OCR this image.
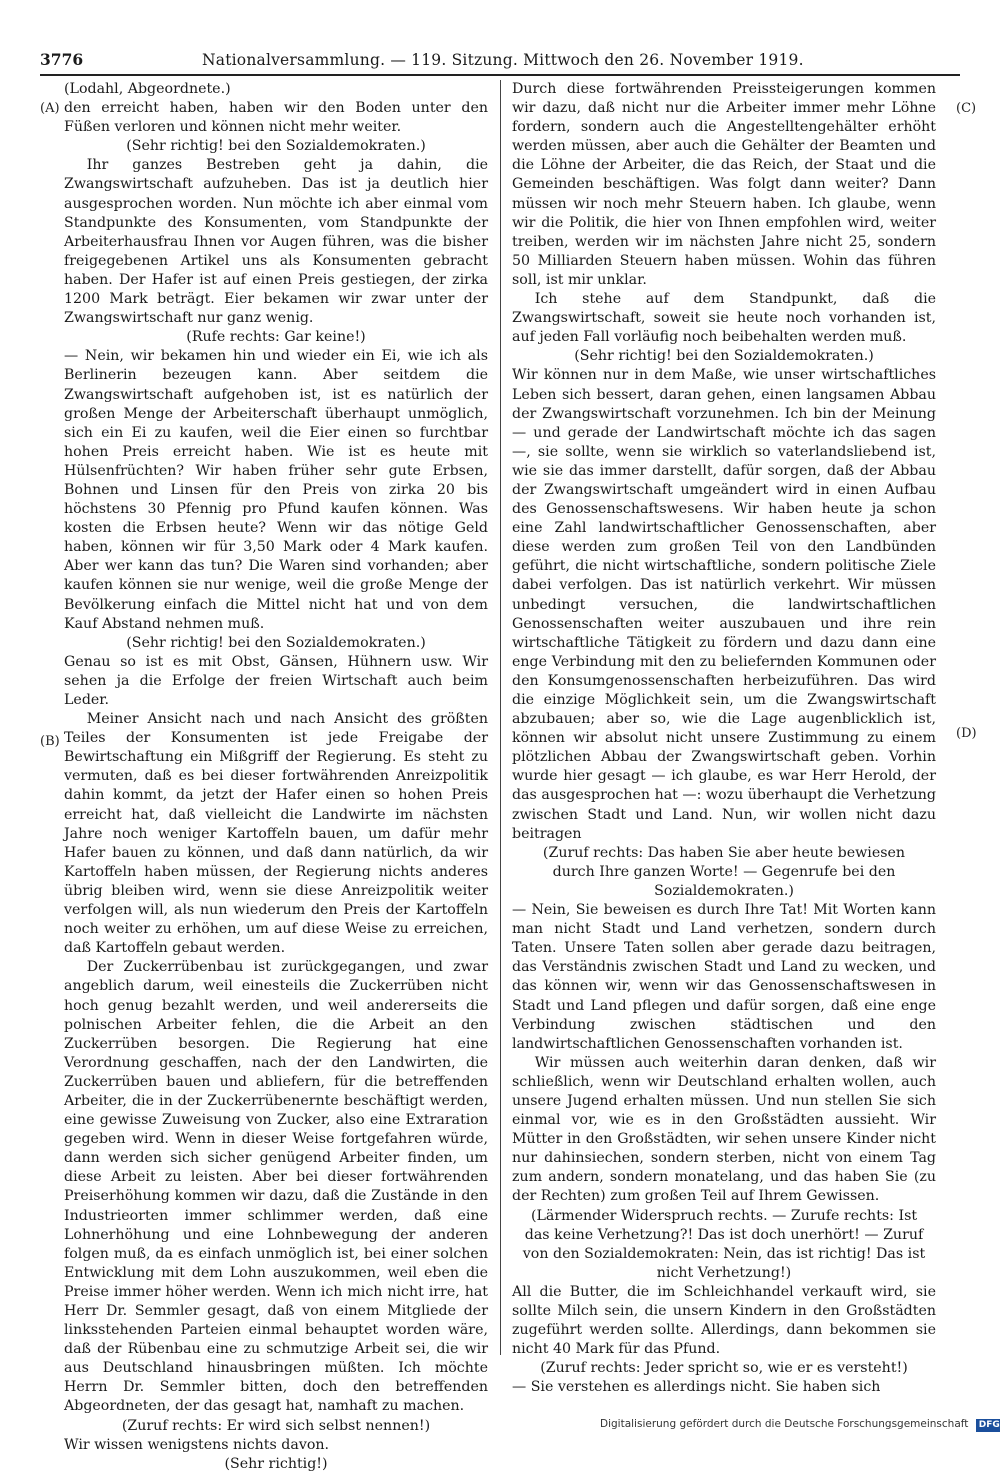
3776	Nationalversammlung. — 119. Sitzung. Mittwoch den 26. November 1919.
(A)
(B)
(C)
(D)

(Lodahl, Abgeordnete.)

den erreicht haben, haben wir den Boden unter den Füßen verloren und können nicht mehr weiter.

(Sehr richtig! bei den Sozialdemokraten.)

Ihr ganzes Bestreben geht ja dahin, die Zwangswirtschaft aufzuheben. Das ist ja deutlich hier ausgesprochen worden. Nun möchte ich aber einmal vom Standpunkte des Konsumenten, vom Standpunkte der Arbeiterhausfrau Ihnen vor Augen führen, was die bisher freigegebenen Artikel uns als Konsumenten gebracht haben. Der Hafer ist auf einen Preis gestiegen, der zirka 1200 Mark beträgt. Eier bekamen wir zwar unter der Zwangswirtschaft nur ganz wenig.

(Rufe rechts: Gar keine!)

— Nein, wir bekamen hin und wieder ein Ei, wie ich als Berlinerin bezeugen kann. Aber seitdem die Zwangswirtschaft aufgehoben ist, ist es natürlich der großen Menge der Arbeiterschaft überhaupt unmöglich, sich ein Ei zu kaufen, weil die Eier einen so furchtbar hohen Preis erreicht haben. Wie ist es heute mit Hülsenfrüchten? Wir haben früher sehr gute Erbsen, Bohnen und Linsen für den Preis von zirka 20 bis höchstens 30 Pfennig pro Pfund kaufen können. Was kosten die Erbsen heute? Wenn wir das nötige Geld haben, können wir für 3,50 Mark oder 4 Mark kaufen. Aber wer kann das tun? Die Waren sind vorhanden; aber kaufen können sie nur wenige, weil die große Menge der Bevölkerung einfach die Mittel nicht hat und von dem Kauf Abstand nehmen muß.

(Sehr richtig! bei den Sozialdemokraten.)

Genau so ist es mit Obst, Gänsen, Hühnern usw. Wir sehen ja die Erfolge der freien Wirtschaft auch beim Leder.

Meiner Ansicht nach und nach Ansicht des größten Teiles der Konsumenten ist jede Freigabe der Bewirtschaftung ein Mißgriff der Regierung. Es steht zu vermuten, daß es bei dieser fortwährenden Anreizpolitik dahin kommt, da jetzt der Hafer einen so hohen Preis erreicht hat, daß vielleicht die Landwirte im nächsten Jahre noch weniger Kartoffeln bauen, um dafür mehr Hafer bauen zu können, und daß dann natürlich, da wir Kartoffeln haben müssen, der Regierung nichts anderes übrig bleiben wird, wenn sie diese Anreizpolitik weiter verfolgen will, als nun wiederum den Preis der Kartoffeln noch weiter zu erhöhen, um auf diese Weise zu erreichen, daß Kartoffeln gebaut werden.

Der Zuckerrübenbau ist zurückgegangen, und zwar angeblich darum, weil einesteils die Zuckerrüben nicht hoch genug bezahlt werden, und weil andererseits die polnischen Arbeiter fehlen, die die Arbeit an den Zuckerrüben besorgen. Die Regierung hat eine Verordnung geschaffen, nach der den Landwirten, die Zuckerrüben bauen und abliefern, für die betreffenden Arbeiter, die in der Zuckerrübenernte beschäftigt werden, eine gewisse Zuweisung von Zucker, also eine Extraration gegeben wird. Wenn in dieser Weise fortgefahren würde, dann werden sich sicher genügend Arbeiter finden, um diese Arbeit zu leisten. Aber bei dieser fortwährenden Preiserhöhung kommen wir dazu, daß die Zustände in den Industrieorten immer schlimmer werden, daß eine Lohnerhöhung und eine Lohnbewegung der anderen folgen muß, da es einfach unmöglich ist, bei einer solchen Entwicklung mit dem Lohn auszukommen, weil eben die Preise immer höher werden. Wenn ich mich nicht irre, hat Herr Dr. Semmler gesagt, daß von einem Mitgliede der linksstehenden Parteien einmal behauptet worden wäre, daß der Rübenbau eine zu schmutzige Arbeit sei, die wir aus Deutschland hinausbringen müßten. Ich möchte Herrn Dr. Semmler bitten, doch den betreffenden Abgeordneten, der das gesagt hat, namhaft zu machen.

(Zuruf rechts: Er wird sich selbst nennen!)

Wir wissen wenigstens nichts davon.

(Sehr richtig!)

Durch diese fortwährenden Preissteigerungen kommen wir dazu, daß nicht nur die Arbeiter immer mehr Löhne fordern, sondern auch die Angestelltengehälter erhöht werden müssen, aber auch die Gehälter der Beamten und die Löhne der Arbeiter, die das Reich, der Staat und die Gemeinden beschäftigen. Was folgt dann weiter? Dann müssen wir noch mehr Steuern haben. Ich glaube, wenn wir die Politik, die hier von Ihnen empfohlen wird, weiter treiben, werden wir im nächsten Jahre nicht 25, sondern 50 Milliarden Steuern haben müssen. Wohin das führen soll, ist mir unklar.

Ich stehe auf dem Standpunkt, daß die Zwangswirtschaft, soweit sie heute noch vorhanden ist, auf jeden Fall vorläufig noch beibehalten werden muß.

(Sehr richtig! bei den Sozialdemokraten.)

Wir können nur in dem Maße, wie unser wirtschaftliches Leben sich bessert, daran gehen, einen langsamen Abbau der Zwangswirtschaft vorzunehmen. Ich bin der Meinung — und gerade der Landwirtschaft möchte ich das sagen —, sie sollte, wenn sie wirklich so vaterlandsliebend ist, wie sie das immer darstellt, dafür sorgen, daß der Abbau der Zwangswirtschaft umgeändert wird in einen Aufbau des Genossenschaftswesens. Wir haben heute ja schon eine Zahl landwirtschaftlicher Genossenschaften, aber diese werden zum großen Teil von den Landbünden geführt, die nicht wirtschaftliche, sondern politische Ziele dabei verfolgen. Das ist natürlich verkehrt. Wir müssen unbedingt versuchen, die landwirtschaftlichen Genossenschaften weiter auszubauen und ihre rein wirtschaftliche Tätigkeit zu fördern und dazu dann eine enge Verbindung mit den zu beliefernden Kommunen oder den Konsumgenossenschaften herbeizuführen. Das wird die einzige Möglichkeit sein, um die Zwangswirtschaft abzubauen; aber so, wie die Lage augenblicklich ist, können wir absolut nicht unsere Zustimmung zu einem plötzlichen Abbau der Zwangswirtschaft geben. Vorhin wurde hier gesagt — ich glaube, es war Herr Herold, der das ausgesprochen hat —: wozu überhaupt die Verhetzung zwischen Stadt und Land. Nun, wir wollen nicht dazu beitragen

(Zuruf rechts: Das haben Sie aber heute bewiesen durch Ihre ganzen Worte! — Gegenrufe bei den Sozialdemokraten.)

— Nein, Sie beweisen es durch Ihre Tat! Mit Worten kann man nicht Stadt und Land verhetzen, sondern durch Taten. Unsere Taten sollen aber gerade dazu beitragen, das Verständnis zwischen Stadt und Land zu wecken, und das können wir, wenn wir das Genossenschaftswesen in Stadt und Land pflegen und dafür sorgen, daß eine enge Verbindung zwischen städtischen und den landwirtschaftlichen Genossenschaften vorhanden ist.

Wir müssen auch weiterhin daran denken, daß wir schließlich, wenn wir Deutschland erhalten wollen, auch unsere Jugend erhalten müssen. Und nun stellen Sie sich einmal vor, wie es in den Großstädten aussieht. Wir Mütter in den Großstädten, wir sehen unsere Kinder nicht nur dahinsiechen, sondern sterben, nicht von einem Tag zum andern, sondern monatelang, und das haben Sie (zu der Rechten) zum großen Teil auf Ihrem Gewissen.

(Lärmender Widerspruch rechts. — Zurufe rechts: Ist das keine Verhetzung?! Das ist doch unerhört! — Zuruf von den Sozialdemokraten: Nein, das ist richtig! Das ist nicht Verhetzung!)

All die Butter, die im Schleichhandel verkauft wird, sie sollte Milch sein, die unsern Kindern in den Großstädten zugeführt werden sollte. Allerdings, dann bekommen sie nicht 40 Mark für das Pfund.

(Zuruf rechts: Jeder spricht so, wie er es versteht!)

— Sie verstehen es allerdings nicht. Sie haben sich

Digitalisierung gefördert durch die Deutsche Forschungsgemeinschaft DFG
